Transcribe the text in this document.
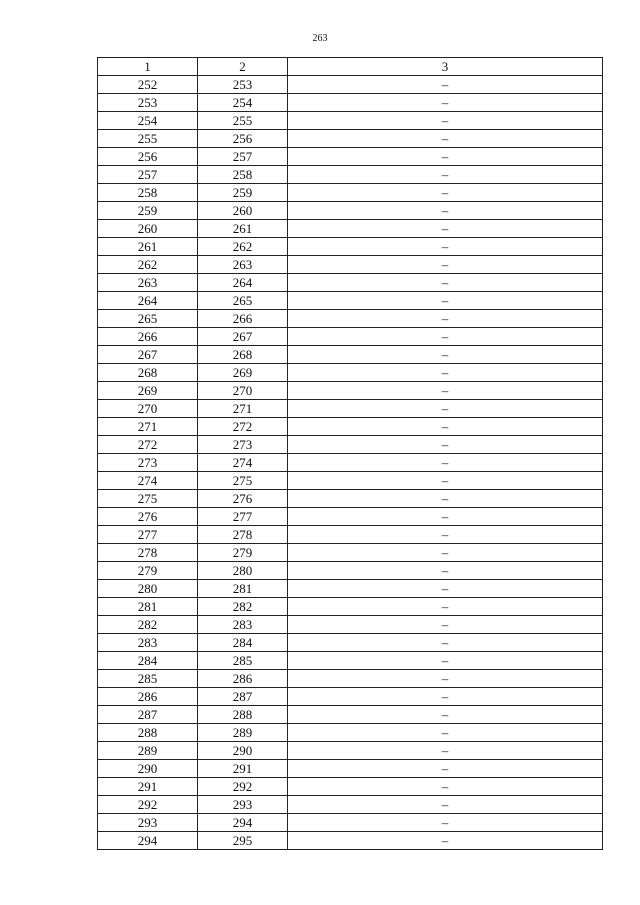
263
1	2	3
252	253	–
253	254	–
254	255	–
255	256	–
256	257	–
257	258	–
258	259	–
259	260	–
260	261	–
261	262	–
262	263	–
263	264	–
264	265	–
265	266	–
266	267	–
267	268	–
268	269	–
269	270	–
270	271	–
271	272	–
272	273	–
273	274	–
274	275	–
275	276	–
276	277	–
277	278	–
278	279	–
279	280	–
280	281	–
281	282	–
282	283	–
283	284	–
284	285	–
285	286	–
286	287	–
287	288	–
288	289	–
289	290	–
290	291	–
291	292	–
292	293	–
293	294	–
294	295	–
